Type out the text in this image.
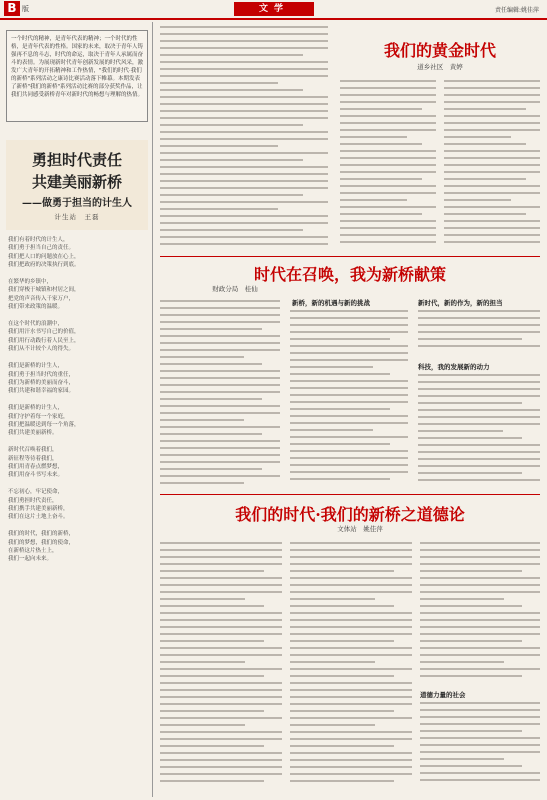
B 版	文学	责任编辑:姚佳萍
一个时代的精神，是青年代表的精神；一个时代的性格，是青年代表的性格。国家的未来，取决于青年人铸强再不息的斗志，时代的命运，取决于青年人承属而奋斗的表情。为展现新时代青年创新发展的时代风采，激发广大青年的开拓精神和工作热情，"我们的时代·我们的新桥"系列活动之康诗比赛活动落下帷幕。本期发表了新桥"我们的新桥"系列活动比赛的部分获奖作品，让我们共同感受新桥青年对新时代的畅想与理解的热情。
勇担时代责任
共建美丽新桥
——做勇于担当的计生人
计生站　王磊
我们有着时代的计生人，
我们勇于担当自己的责任。
我们把人口的问题放在心上，
我们把政府的决策执行到底。

在繁华的乡镇中，
我们穿梭于城镇和村居之间，
把党的声音传入千家万户，
我们带来政策的温暖。

在这个时代的浪潮中，
我们用汗水书写自己的价值，
我们用行动践行着人民至上，
我们从不计较个人的得失。

我们是新桥的计生人，
我们勇于担当时代的重任，
我们为新桥的美丽而奋斗，
我们共建和谐幸福的家园。

我们是新桥的计生人，
我们守护着每一个家庭，
我们把温暖送到每一个角落，
我们共建美丽新桥。

新时代召唤着我们，
新征程等待着我们，
我们用青春点燃梦想，
我们用奋斗书写未来。

不忘初心，牢记使命，
我们勇担时代责任，
我们携手共建美丽新桥，
我们在这片土地上奋斗。

我们的时代，我们的新桥，
我们的梦想，我们的使命，
在新桥这片热土上，
我们一起向未来。
我们的黄金时代
道乡社区　黄婷
时代在召唤，我为新桥献策
财政分局　桂仙
新桥，新的机遇与新的挑战	新时代，新的作为，新的担当
科技，我的发展新的动力
我们的时代·我们的新桥之道德论
文体站　姚佳萍
道德力量的社会
